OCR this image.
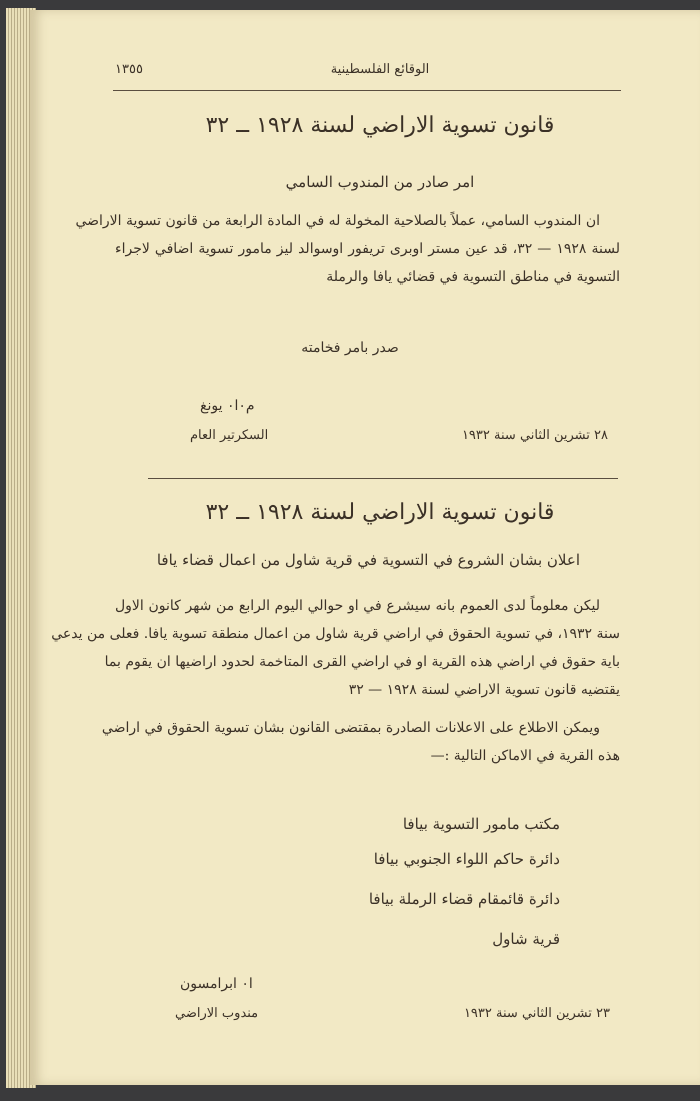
١٣٥٥	الوقائع الفلسطينية
قانون تسوية الاراضي لسنة ١٩٢٨ ــ ٣٢
امر صادر من المندوب السامي
ان المندوب السامي، عملاً بالصلاحية المخولة له في المادة الرابعة من قانون تسوية الاراضي
لسنة ١٩٢٨ — ٣٢، قد عين مستر اوبرى تريفور اوسوالد ليز مامور تسوية اضافي لاجراء
التسوية في مناطق التسوية في قضائي يافا والرملة
صدر بامر فخامته
م٠ا٠ يونغ
السكرتير العام	٢٨ تشرين الثاني سنة ١٩٣٢
قانون تسوية الاراضي لسنة ١٩٢٨ ــ ٣٢
اعلان بشان الشروع في التسوية في قرية شاول من اعمال قضاء يافا
ليكن معلوماً لدى العموم بانه سيشرع في او حوالي اليوم الرابع من شهر كانون الاول
سنة ١٩٣٢، في تسوية الحقوق في اراضي قرية شاول من اعمال منطقة تسوية يافا. فعلى من يدعي
باية حقوق في اراضي هذه القرية او في اراضي القرى المتاخمة لحدود اراضيها ان يقوم بما
يقتضيه قانون تسوية الاراضي لسنة ١٩٢٨ — ٣٢
ويمكن الاطلاع على الاعلانات الصادرة بمقتضى القانون بشان تسوية الحقوق في اراضي
هذه القرية في الاماكن التالية :—
مكتب مامور التسوية بيافا
دائرة حاكم اللواء الجنوبي بيافا
دائرة قائمقام قضاء الرملة بيافا
قرية شاول
ا٠ ابرامسون
مندوب الاراضي	٢٣ تشرين الثاني سنة ١٩٣٢
